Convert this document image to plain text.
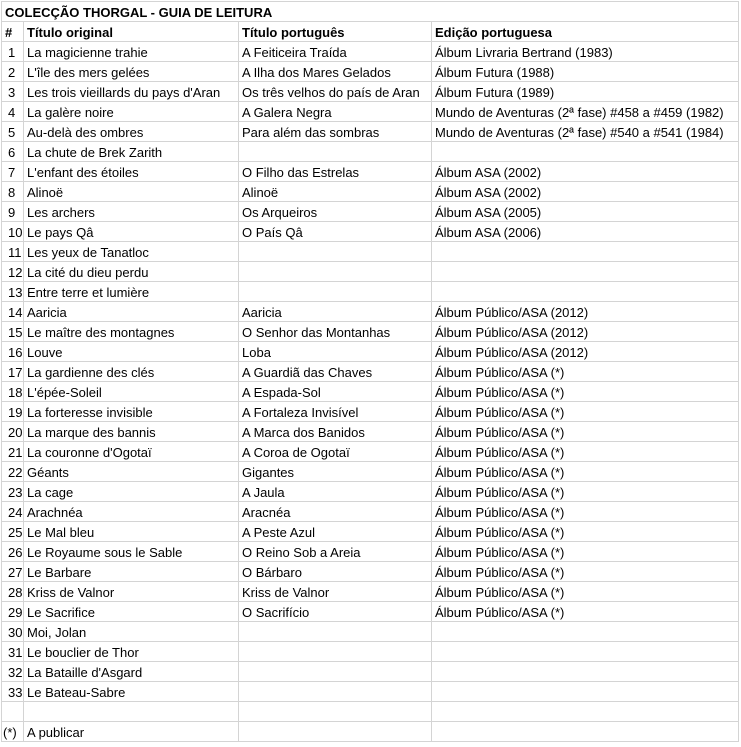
COLECÇÃO THORGAL - GUIA DE LEITURA			
#	Título original	Título português	Edição portuguesa
1	La magicienne trahie	A Feiticeira Traída	Álbum Livraria Bertrand (1983)
2	L'île des mers gelées	A Ilha dos Mares Gelados	Álbum Futura (1988)
3	Les trois vieillards du pays d'Aran	Os três velhos do país de Aran	Álbum Futura (1989)
4	La galère noire	A Galera Negra	Mundo de Aventuras (2ª fase) #458 a #459 (1982)
5	Au-delà des ombres	Para além das sombras	Mundo de Aventuras (2ª fase) #540 a #541 (1984)
6	La chute de Brek Zarith		
7	L'enfant des étoiles	O Filho das Estrelas	Álbum ASA (2002)
8	Alinoë	Alinoë	Álbum ASA (2002)
9	Les archers	Os Arqueiros	Álbum ASA (2005)
10	Le pays Qâ	O País Qâ	Álbum ASA (2006)
11	Les yeux de Tanatloc		
12	La cité du dieu perdu		
13	Entre terre et lumière		
14	Aaricia	Aaricia	Álbum Público/ASA (2012)
15	Le maître des montagnes	O Senhor das Montanhas	Álbum Público/ASA (2012)
16	Louve	Loba	Álbum Público/ASA (2012)
17	La gardienne des clés	A Guardiã das Chaves	Álbum Público/ASA (*)
18	L'épée-Soleil	A Espada-Sol	Álbum Público/ASA (*)
19	La forteresse invisible	A Fortaleza Invisível	Álbum Público/ASA (*)
20	La marque des bannis	A Marca dos Banidos	Álbum Público/ASA (*)
21	La couronne d'Ogotaï	A Coroa de Ogotaï	Álbum Público/ASA (*)
22	Géants	Gigantes	Álbum Público/ASA (*)
23	La cage	A Jaula	Álbum Público/ASA (*)
24	Arachnéa	Aracnéa	Álbum Público/ASA (*)
25	Le Mal bleu	A Peste Azul	Álbum Público/ASA (*)
26	Le Royaume sous le Sable	O Reino Sob a Areia	Álbum Público/ASA (*)
27	Le Barbare	O Bárbaro	Álbum Público/ASA (*)
28	Kriss de Valnor	Kriss de Valnor	Álbum Público/ASA (*)
29	Le Sacrifice	O Sacrifício	Álbum Público/ASA (*)
30	Moi, Jolan		
31	Le bouclier de Thor		
32	La Bataille d'Asgard		
33	Le Bateau-Sabre		

(*)	A publicar		
